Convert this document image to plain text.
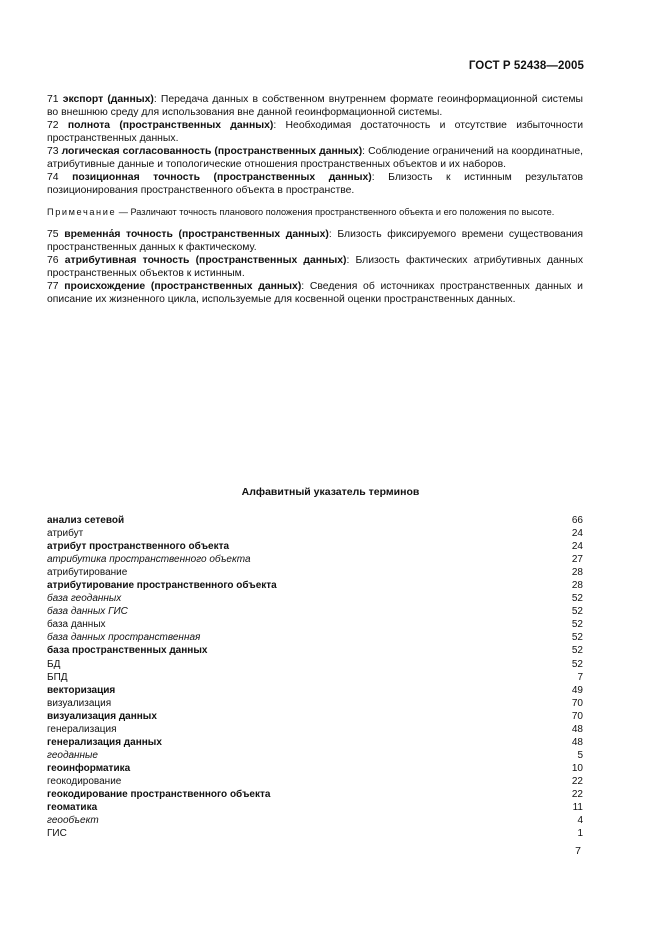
ГОСТ Р 52438—2005

71 экспорт (данных): Передача данных в собственном внутреннем формате геоинформационной системы во внешнюю среду для использования вне данной геоинформационной системы.

72 полнота (пространственных данных): Необходимая достаточность и отсутствие избыточности пространственных данных.

73 логическая согласованность (пространственных данных): Соблюдение ограничений на координатные, атрибутивные данные и топологические отношения пространственных объектов и их наборов.

74 позиционная точность (пространственных данных): Близость к истинным результатов позиционирования пространственного объекта в пространстве.

Примечание — Различают точность планового положения пространственного объекта и его положения по высоте.

75 временна́я точность (пространственных данных): Близость фиксируемого времени существования пространственных данных к фактическому.

76 атрибутивная точность (пространственных данных): Близость фактических атрибутивных данных пространственных объектов к истинным.

77 происхождение (пространственных данных): Сведения об источниках пространственных данных и описание их жизненного цикла, используемые для косвенной оценки пространственных данных.

Алфавитный указатель терминов
анализ сетевой	66
атрибут	24
атрибут пространственного объекта	24
атрибутика пространственного объекта	27
атрибутирование	28
атрибутирование пространственного объекта	28
база геоданных	52
база данных ГИС	52
база данных	52
база данных пространственная	52
база пространственных данных	52
БД	52
БПД	7
векторизация	49
визуализация	70
визуализация данных	70
генерализация	48
генерализация данных	48
геоданные	5
геоинформатика	10
геокодирование	22
геокодирование пространственного объекта	22
геоматика	11
геообъект	4
ГИС	1
7
